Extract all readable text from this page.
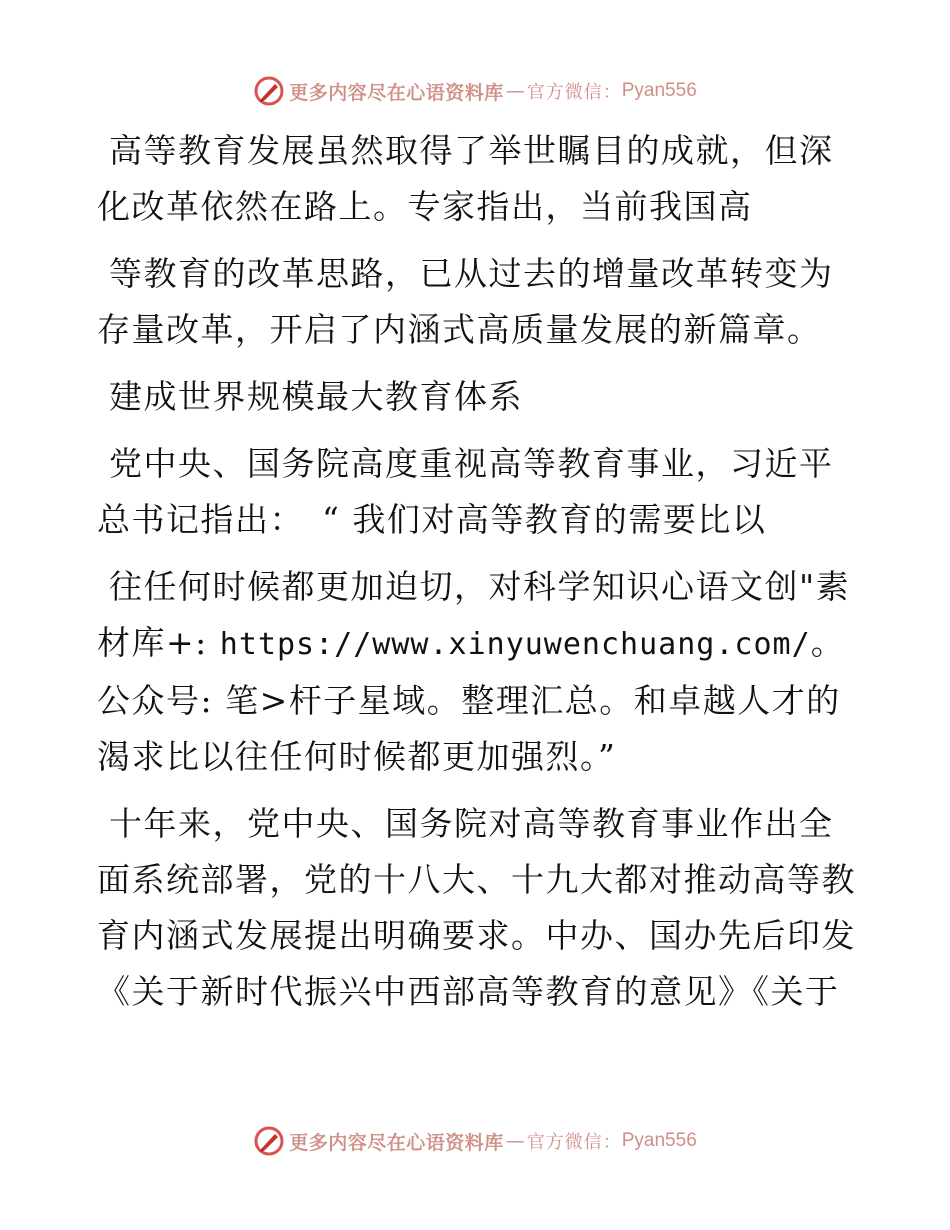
更多内容尽在心语资料库 — 官方微信： Pyan556

高等教育发展虽然取得了举世瞩目的成就，但深化改革依然在路上。专家指出，当前我国高

等教育的改革思路，已从过去的增量改革转变为存量改革，开启了内涵式高质量发展的新篇章。

建成世界规模最大教育体系

党中央、国务院高度重视高等教育事业，习近平总书记指出：　“ 我们对高等教育的需要比以

往任何时候都更加迫切，对科学知识心语文创"素材库+: https://www.xinyuwenchuang.com/。公众号: 笔>杆子星域。整理汇总。和卓越人才的渴求比以往任何时候都更加强烈。”

十年来，党中央、国务院对高等教育事业作出全面系统部署，党的十八大、十九大都对推动高等教育内涵式发展提出明确要求。中办、国办先后印发《关于新时代振兴中西部高等教育的意见》《关于

更多内容尽在心语资料库 — 官方微信： Pyan556
